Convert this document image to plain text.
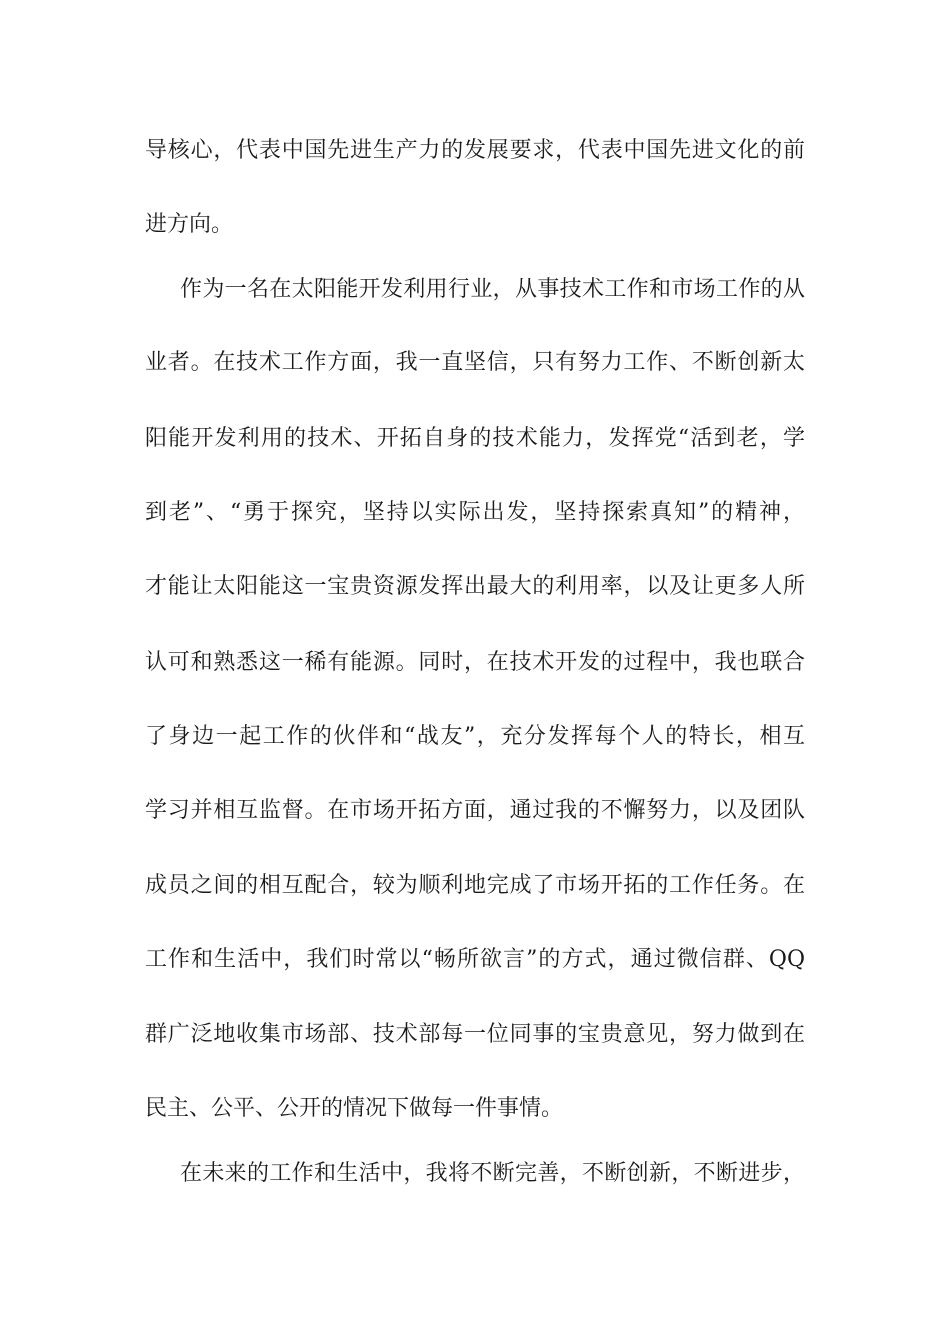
导核心，代表中国先进生产力的发展要求，代表中国先进文化的前
进方向。
作为一名在太阳能开发利用行业，从事技术工作和市场工作的从
业者。在技术工作方面，我一直坚信，只有努力工作、不断创新太
阳能开发利用的技术、开拓自身的技术能力，发挥党“活到老，学
到老”、“勇于探究，坚持以实际出发，坚持探索真知”的精神，
才能让太阳能这一宝贵资源发挥出最大的利用率，以及让更多人所
认可和熟悉这一稀有能源。同时，在技术开发的过程中，我也联合
了身边一起工作的伙伴和“战友”，充分发挥每个人的特长，相互
学习并相互监督。在市场开拓方面，通过我的不懈努力，以及团队
成员之间的相互配合，较为顺利地完成了市场开拓的工作任务。在
工作和生活中，我们时常以“畅所欲言”的方式，通过微信群、QQ
群广泛地收集市场部、技术部每一位同事的宝贵意见，努力做到在
民主、公平、公开的情况下做每一件事情。
在未来的工作和生活中，我将不断完善，不断创新，不断进步，
